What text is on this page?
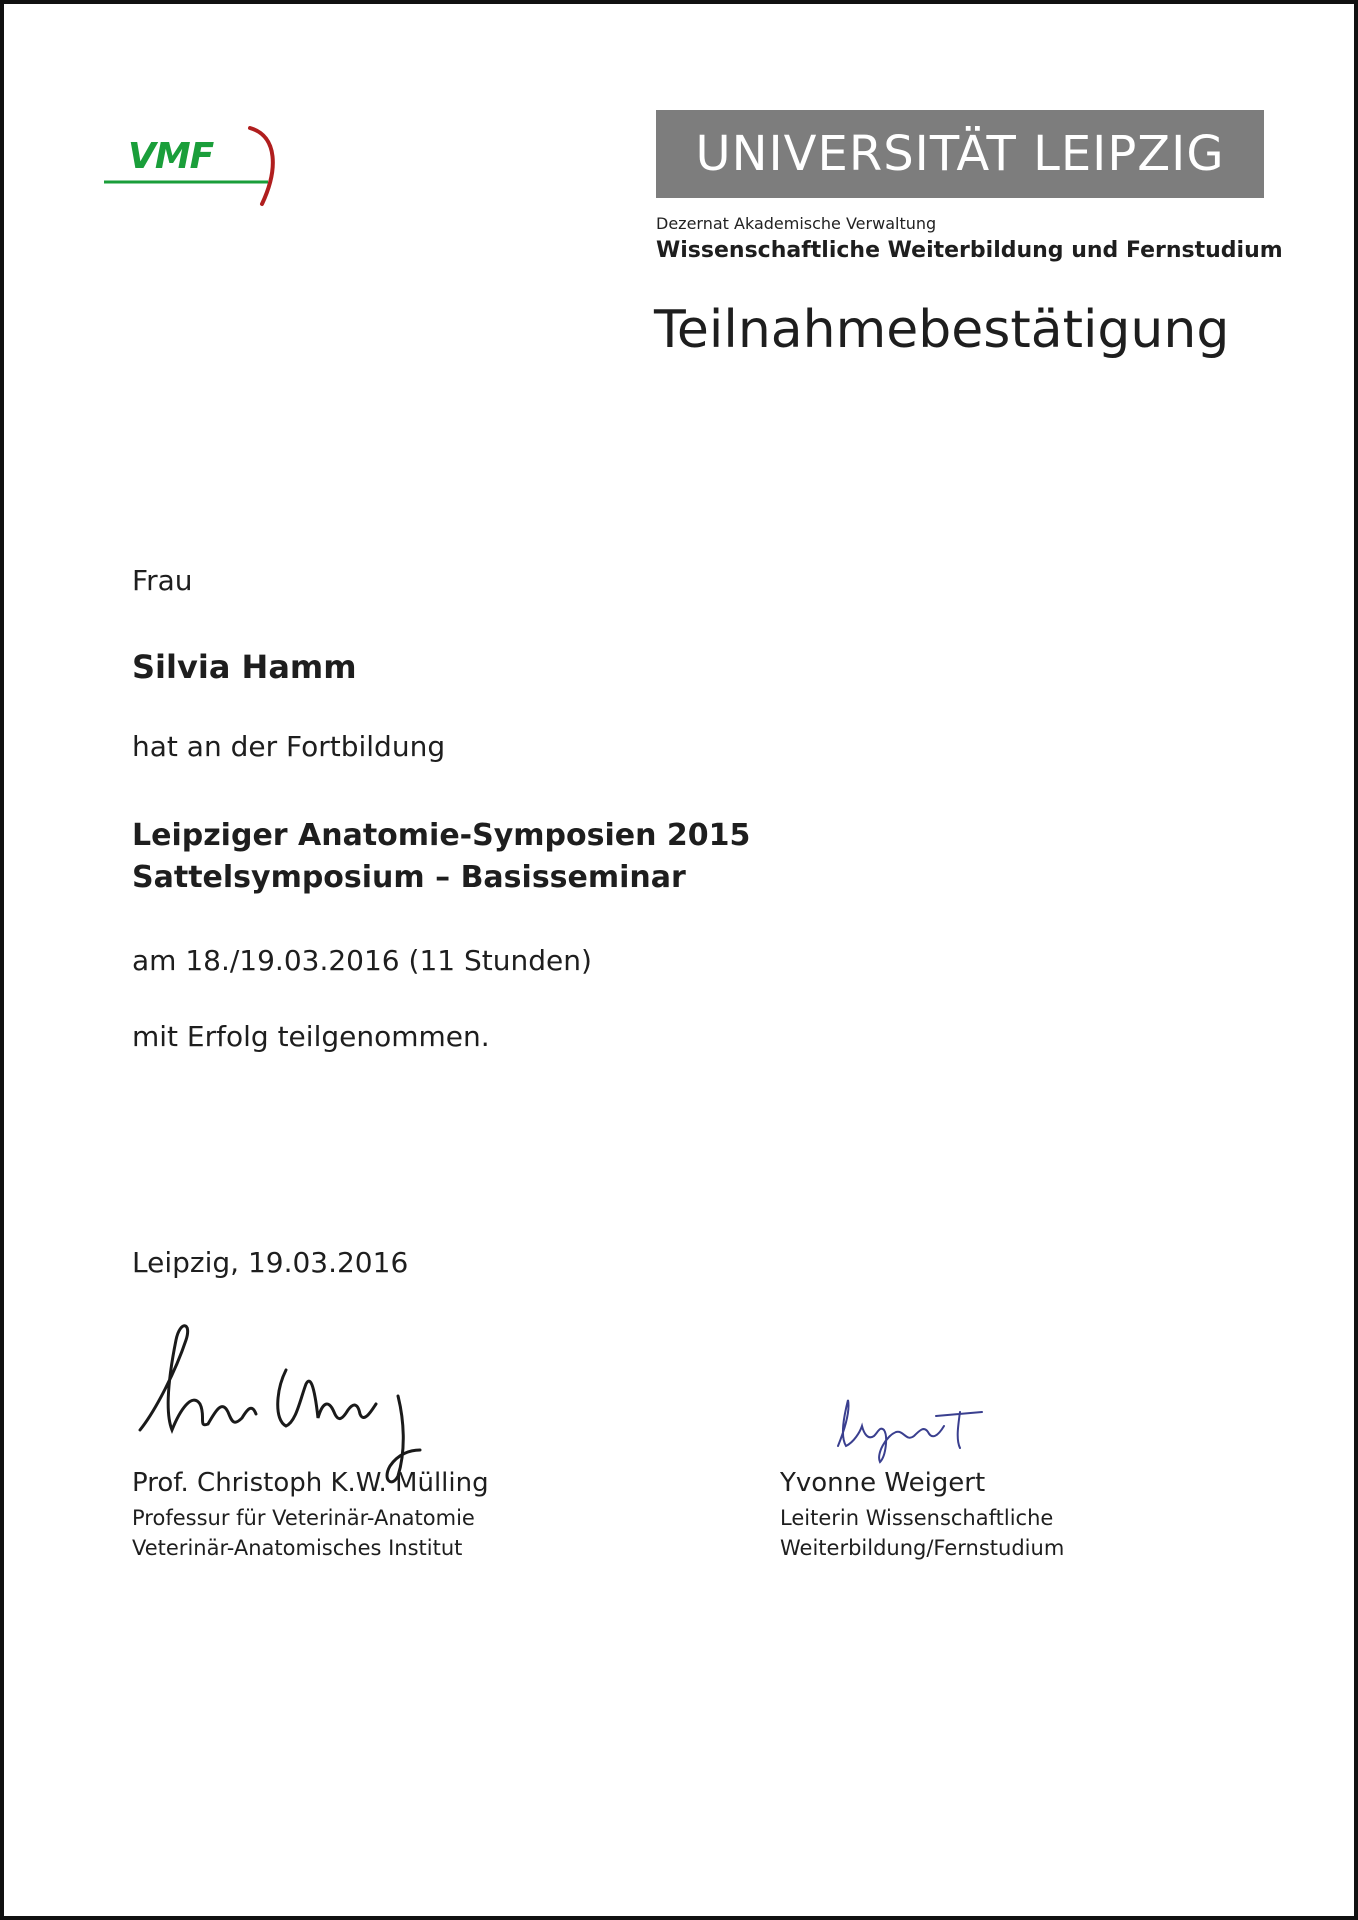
VMF	UNIVERSITÄT LEIPZIG
Dezernat Akademische Verwaltung
Wissenschaftliche Weiterbildung und Fernstudium
Teilnahmebestätigung
Frau
Silvia Hamm
hat an der Fortbildung
Leipziger Anatomie-Symposien 2015
Sattelsymposium – Basisseminar
am 18./19.03.2016 (11 Stunden)
mit Erfolg teilgenommen.
Leipzig, 19.03.2016
Prof. Christoph K.W. Mülling
Professur für Veterinär-Anatomie
Veterinär-Anatomisches Institut
Yvonne Weigert
Leiterin Wissenschaftliche
Weiterbildung/Fernstudium
